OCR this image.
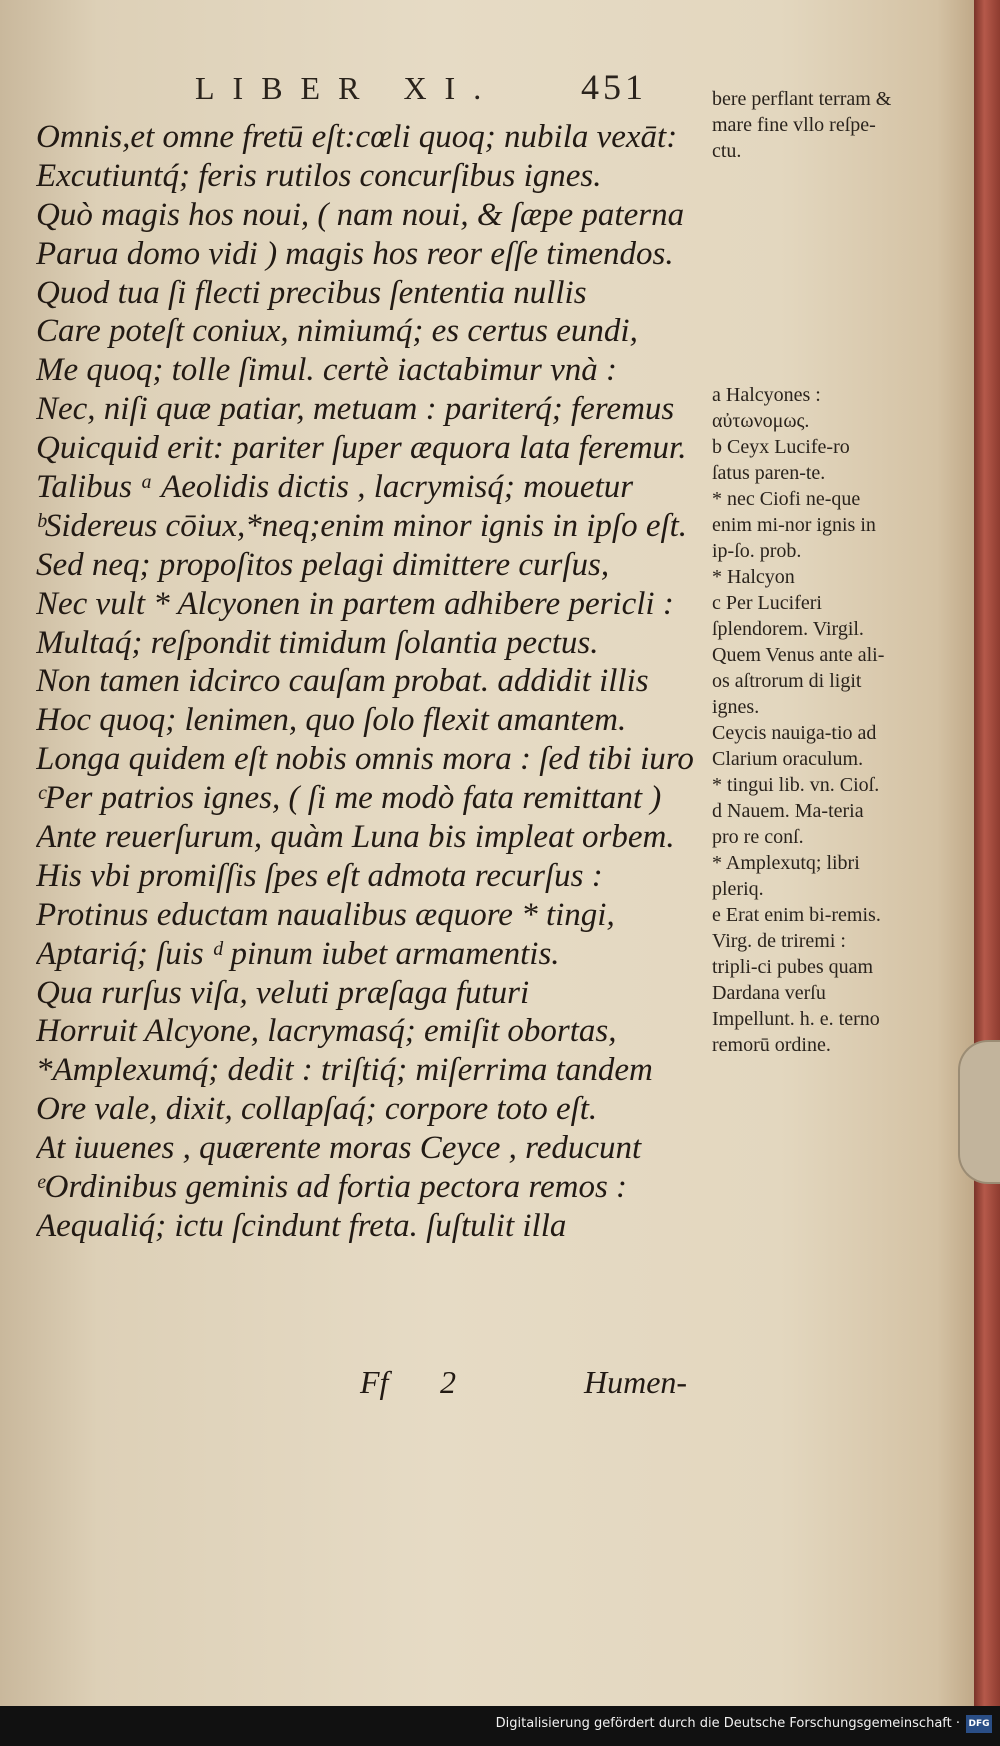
LIBER XI. 451
Omnis,et omne fretū eſt:cœli quoq; nubila vexāt:
Excutiuntq́; feris rutilos concurſibus ignes.
Quò magis hos noui, ( nam noui, & ſæpe paterna
Parua domo vidi ) magis hos reor eſſe timendos.
Quod tua ſi flecti precibus ſententia nullis
Care poteſt coniux, nimiumq́; es certus eundi,
Me quoq; tolle ſimul. certè iactabimur vnà :
Nec, niſi quæ patiar, metuam : pariterq́; feremus
Quicquid erit: pariter ſuper æquora lata feremur.
Talibus ᵃ Aeolidis dictis , lacrymisq́; mouetur
ᵇSidereus cōiux,*neq;enim minor ignis in ipſo eſt.
Sed neq; propoſitos pelagi dimittere curſus,
Nec vult * Alcyonen in partem adhibere pericli :
Multaq́; reſpondit timidum ſolantia pectus.
Non tamen idcirco cauſam probat. addidit illis
Hoc quoq; lenimen, quo ſolo flexit amantem.
Longa quidem eſt nobis omnis mora : ſed tibi iuro
ᶜPer patrios ignes, ( ſi me modò fata remittant )
Ante reuerſurum, quàm Luna bis impleat orbem.
His vbi promiſſis ſpes eſt admota recurſus :
Protinus eductam naualibus æquore * tingi,
Aptariq́; ſuis ᵈ pinum iubet armamentis.
Qua rurſus viſa, veluti præſaga futuri
Horruit Alcyone, lacrymasq́; emiſit obortas,
*Amplexumq́; dedit : triſtiq́; miſerrima tandem
Ore vale, dixit, collapſaq́; corpore toto eſt.
At iuuenes , quærente moras Ceyce , reducunt
ᵉOrdinibus geminis ad fortia pectora remos :
Aequaliq́; ictu ſcindunt freta. ſuſtulit illa

bere perflant terram & mare fine vllo reſpe-ctu.

a Halcyones : αὐτωνομως.

b Ceyx Lucife-ro ſatus paren-te.

* nec Ciofi ne-que enim mi-nor ignis in ip-ſo. prob.

* Halcyon

c Per Luciferi ſplendorem. Virgil. Quem Venus ante ali-os aſtrorum di ligit ignes.

Ceycis nauiga-tio ad Clarium oraculum.

* tingui lib. vn. Cioſ.

d Nauem. Ma-teria pro re conſ.

* Amplexutq; libri pleriq.

e Erat enim bi-remis. Virg. de triremi : tripli-ci pubes quam Dardana verſu Impellunt. h. e. terno remorū ordine.

Ff 2	Humen-
Digitalisierung gefördert durch die Deutsche Forschungsgemeinschaft · DFG
